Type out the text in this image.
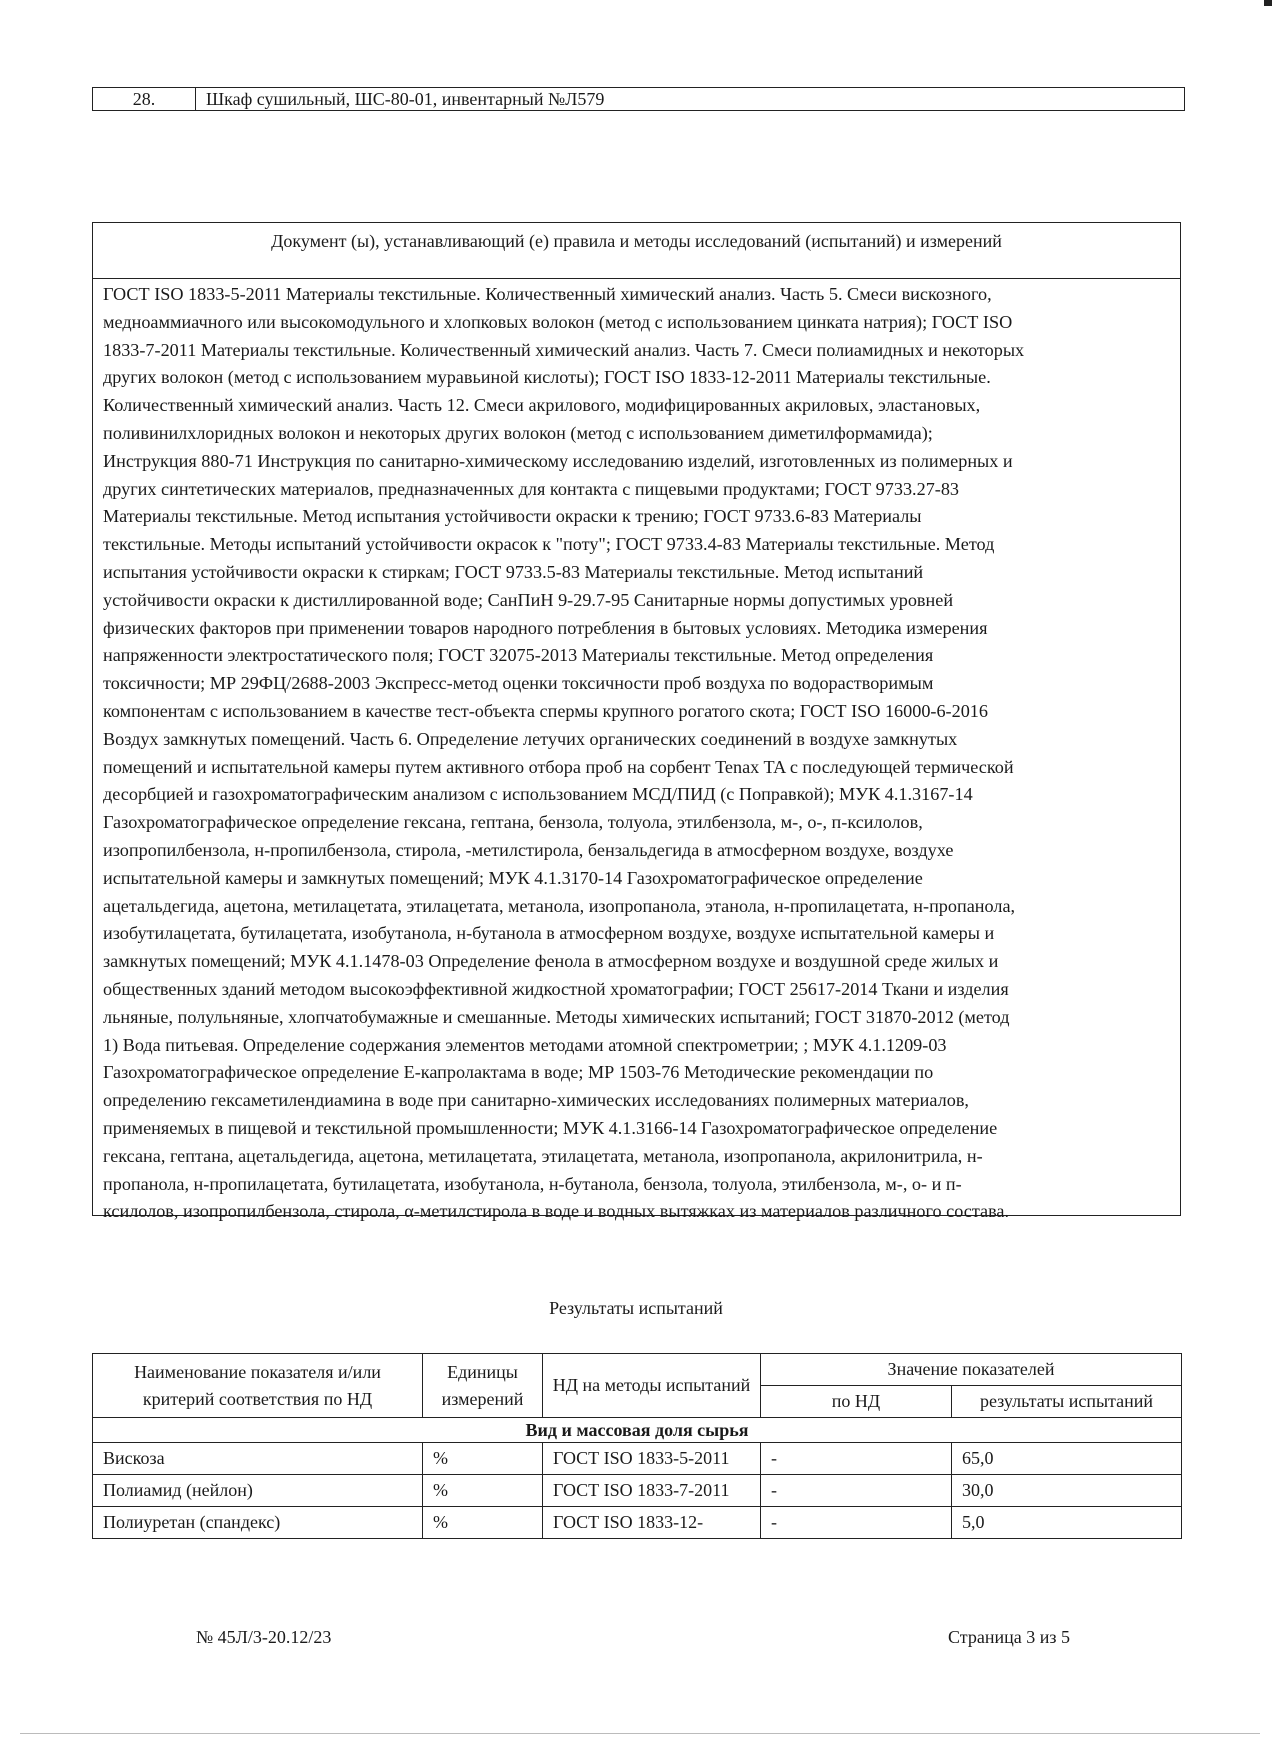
28.	Шкаф сушильный, ШС-80-01, инвентарный №Л579
Документ (ы), устанавливающий (е) правила и методы исследований (испытаний) и измерений
ГОСТ ISO 1833-5-2011 Материалы текстильные. Количественный химический анализ. Часть 5. Смеси вискозного,
медноаммиачного или высокомодульного и хлопковых волокон (метод с использованием цинката натрия); ГОСТ ISO
1833-7-2011 Материалы текстильные. Количественный химический анализ. Часть 7. Смеси полиамидных и некоторых
других волокон (метод с использованием муравьиной кислоты); ГОСТ ISO 1833-12-2011 Материалы текстильные.
Количественный химический анализ. Часть 12. Смеси акрилового, модифицированных акриловых, эластановых,
поливинилхлоридных волокон и некоторых других волокон (метод с использованием диметилформамида);
Инструкция 880-71 Инструкция по санитарно-химическому исследованию изделий, изготовленных из полимерных и
других синтетических материалов, предназначенных для контакта с пищевыми продуктами; ГОСТ 9733.27-83
Материалы текстильные. Метод испытания устойчивости окраски к трению; ГОСТ 9733.6-83 Материалы
текстильные. Методы испытаний устойчивости окрасок к "поту"; ГОСТ 9733.4-83 Материалы текстильные. Метод
испытания устойчивости окраски к стиркам; ГОСТ 9733.5-83 Материалы текстильные. Метод испытаний
устойчивости окраски к дистиллированной воде; СанПиН 9-29.7-95 Санитарные нормы допустимых уровней
физических факторов при применении товаров народного потребления в бытовых условиях. Методика измерения
напряженности электростатического поля; ГОСТ 32075-2013 Материалы текстильные. Метод определения
токсичности; МР 29ФЦ/2688-2003 Экспресс-метод оценки токсичности проб воздуха по водорастворимым
компонентам с использованием в качестве тест-объекта спермы крупного рогатого скота; ГОСТ ISO 16000-6-2016
Воздух замкнутых помещений. Часть 6. Определение летучих органических соединений в воздухе замкнутых
помещений и испытательной камеры путем активного отбора проб на сорбент Tenax TA с последующей термической
десорбцией и газохроматографическим анализом с использованием МСД/ПИД (с Поправкой); МУК 4.1.3167-14
Газохроматографическое определение гексана, гептана, бензола, толуола, этилбензола, м-, о-, п-ксилолов,
изопропилбензола, н-пропилбензола, стирола, -метилстирола, бензальдегида в атмосферном воздухе, воздухе
испытательной камеры и замкнутых помещений; МУК 4.1.3170-14 Газохроматографическое определение
ацетальдегида, ацетона, метилацетата, этилацетата, метанола, изопропанола, этанола, н-пропилацетата, н-пропанола,
изобутилацетата, бутилацетата, изобутанола, н-бутанола в атмосферном воздухе, воздухе испытательной камеры и
замкнутых помещений; МУК 4.1.1478-03 Определение фенола в атмосферном воздухе и воздушной среде жилых и
общественных зданий методом высокоэффективной жидкостной хроматографии; ГОСТ 25617-2014 Ткани и изделия
льняные, полульняные, хлопчатобумажные и смешанные. Методы химических испытаний; ГОСТ 31870-2012 (метод
1) Вода питьевая. Определение содержания элементов методами атомной спектрометрии; ; МУК 4.1.1209-03
Газохроматографическое определение Е-капролактама в воде; МР 1503-76 Методические рекомендации по
определению гексаметилендиамина в воде при санитарно-химических исследованиях полимерных материалов,
применяемых в пищевой и текстильной промышленности; МУК 4.1.3166-14 Газохроматографическое определение
гексана, гептана, ацетальдегида, ацетона, метилацетата, этилацетата, метанола, изопропанола, акрилонитрила, н-
пропанола, н-пропилацетата, бутилацетата, изобутанола, н-бутанола, бензола, толуола, этилбензола, м-, о- и п-
ксилолов, изопропилбензола, стирола, α-метилстирола в воде и водных вытяжках из материалов различного состава.
Результаты испытаний
Наименование показателя и/или критерий соответствия по НД	Единицы измерений	НД на методы испытаний	Значение показателей	
			по НД	результаты испытаний
Вид и массовая доля сырья				
Вискоза	%	ГОСТ ISO 1833-5-2011	-	65,0
Полиамид (нейлон)	%	ГОСТ ISO 1833-7-2011	-	30,0
Полиуретан (спандекс)	%	ГОСТ ISO 1833-12-	-	5,0
№ 45Л/3-20.12/23	Страница 3 из 5
